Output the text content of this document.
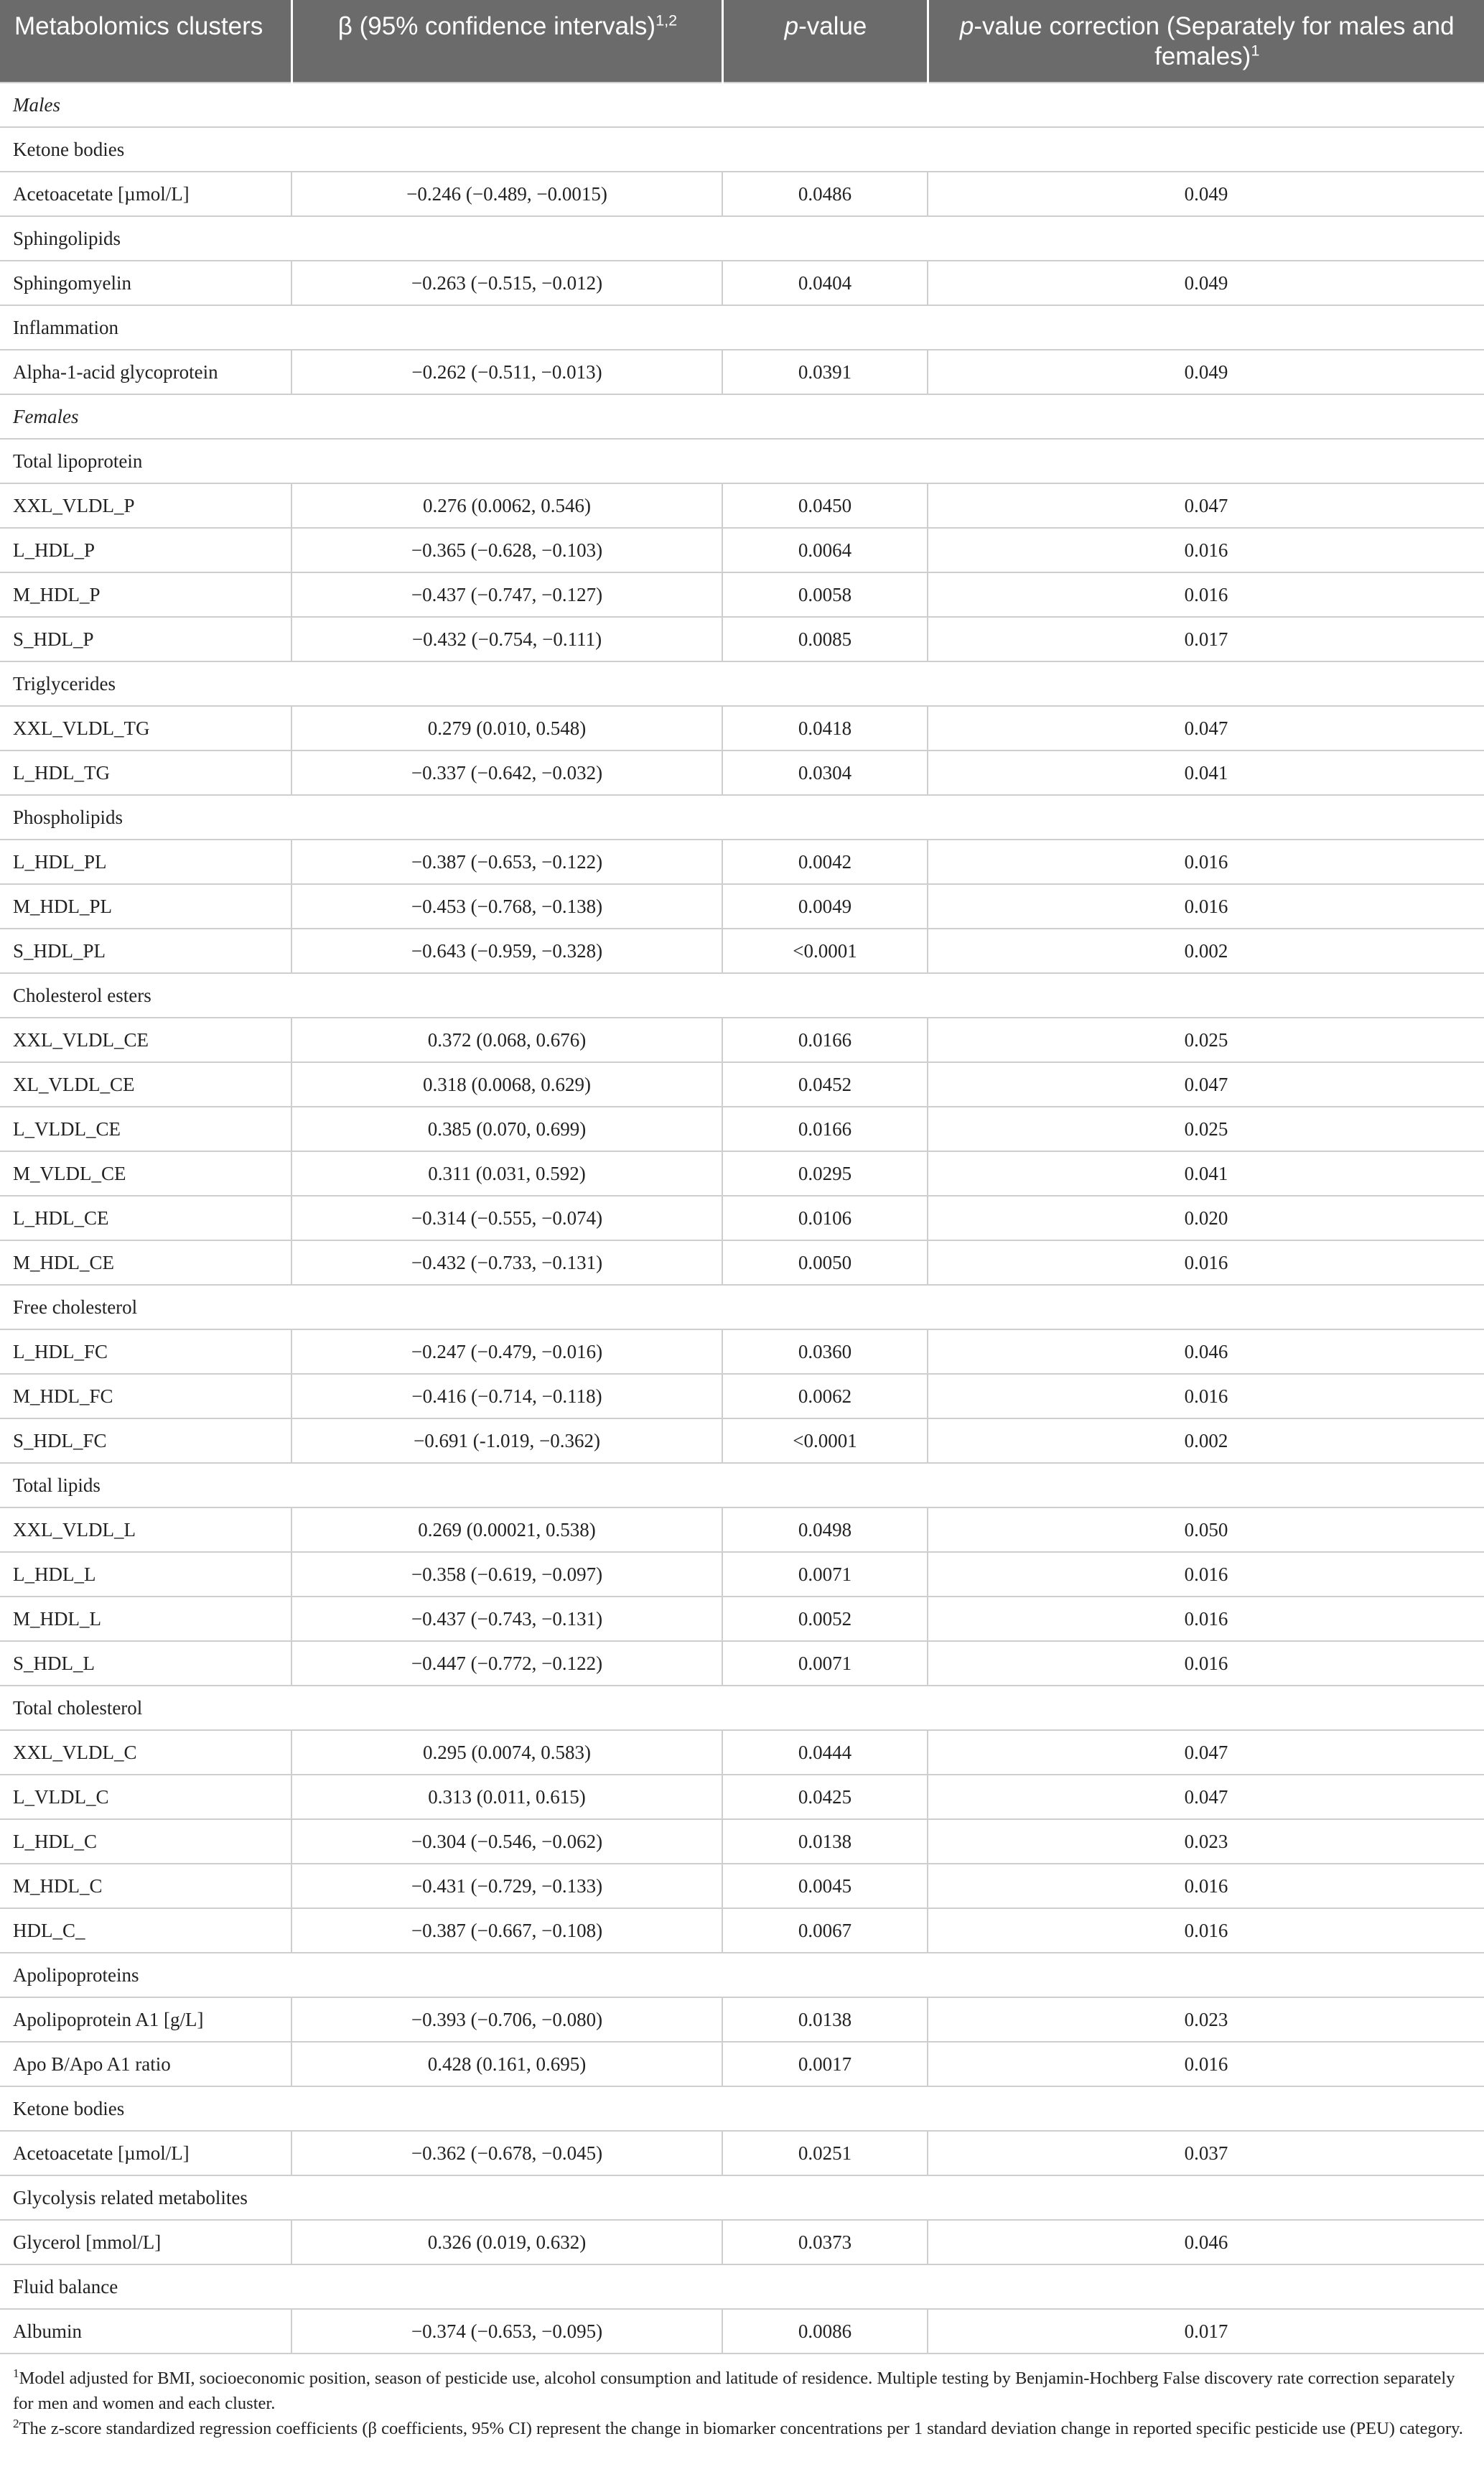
Metabolomics clusters	β (95% confidence intervals)$^{1,2}$	p-value	p-value correction (Separately for males and females)$^1$
Males			
Ketone bodies			
Acetoacetate [µmol/L]	−0.246 (−0.489, −0.0015)	0.0486	0.049
Sphingolipids			
Sphingomyelin	−0.263 (−0.515, −0.012)	0.0404	0.049
Inflammation			
Alpha-1-acid glycoprotein	−0.262 (−0.511, −0.013)	0.0391	0.049
Females			
Total lipoprotein			
XXL_VLDL_P	0.276 (0.0062, 0.546)	0.0450	0.047
L_HDL_P	−0.365 (−0.628, −0.103)	0.0064	0.016
M_HDL_P	−0.437 (−0.747, −0.127)	0.0058	0.016
S_HDL_P	−0.432 (−0.754, −0.111)	0.0085	0.017
Triglycerides			
XXL_VLDL_TG	0.279 (0.010, 0.548)	0.0418	0.047
L_HDL_TG	−0.337 (−0.642, −0.032)	0.0304	0.041
Phospholipids			
L_HDL_PL	−0.387 (−0.653, −0.122)	0.0042	0.016
M_HDL_PL	−0.453 (−0.768, −0.138)	0.0049	0.016
S_HDL_PL	−0.643 (−0.959, −0.328)	<0.0001	0.002
Cholesterol esters			
XXL_VLDL_CE	0.372 (0.068, 0.676)	0.0166	0.025
XL_VLDL_CE	0.318 (0.0068, 0.629)	0.0452	0.047
L_VLDL_CE	0.385 (0.070, 0.699)	0.0166	0.025
M_VLDL_CE	0.311 (0.031, 0.592)	0.0295	0.041
L_HDL_CE	−0.314 (−0.555, −0.074)	0.0106	0.020
M_HDL_CE	−0.432 (−0.733, −0.131)	0.0050	0.016
Free cholesterol			
L_HDL_FC	−0.247 (−0.479, −0.016)	0.0360	0.046
M_HDL_FC	−0.416 (−0.714, −0.118)	0.0062	0.016
S_HDL_FC	−0.691 (-1.019, −0.362)	<0.0001	0.002
Total lipids			
XXL_VLDL_L	0.269 (0.00021, 0.538)	0.0498	0.050
L_HDL_L	−0.358 (−0.619, −0.097)	0.0071	0.016
M_HDL_L	−0.437 (−0.743, −0.131)	0.0052	0.016
S_HDL_L	−0.447 (−0.772, −0.122)	0.0071	0.016
Total cholesterol			
XXL_VLDL_C	0.295 (0.0074, 0.583)	0.0444	0.047
L_VLDL_C	0.313 (0.011, 0.615)	0.0425	0.047
L_HDL_C	−0.304 (−0.546, −0.062)	0.0138	0.023
M_HDL_C	−0.431 (−0.729, −0.133)	0.0045	0.016
HDL_C_	−0.387 (−0.667, −0.108)	0.0067	0.016
Apolipoproteins			
Apolipoprotein A1 [g/L]	−0.393 (−0.706, −0.080)	0.0138	0.023
Apo B/Apo A1 ratio	0.428 (0.161, 0.695)	0.0017	0.016
Ketone bodies			
Acetoacetate [µmol/L]	−0.362 (−0.678, −0.045)	0.0251	0.037
Glycolysis related metabolites			
Glycerol [mmol/L]	0.326 (0.019, 0.632)	0.0373	0.046
Fluid balance			
Albumin	−0.374 (−0.653, −0.095)	0.0086	0.017

$^1$Model adjusted for BMI, socioeconomic position, season of pesticide use, alcohol consumption and latitude of residence. Multiple testing by Benjamin-Hochberg False discovery rate correction separately for men and women and each cluster.

$^2$The z-score standardized regression coefficients (β coefficients, 95% CI) represent the change in biomarker concentrations per 1 standard deviation change in reported specific pesticide use (PEU) category.
